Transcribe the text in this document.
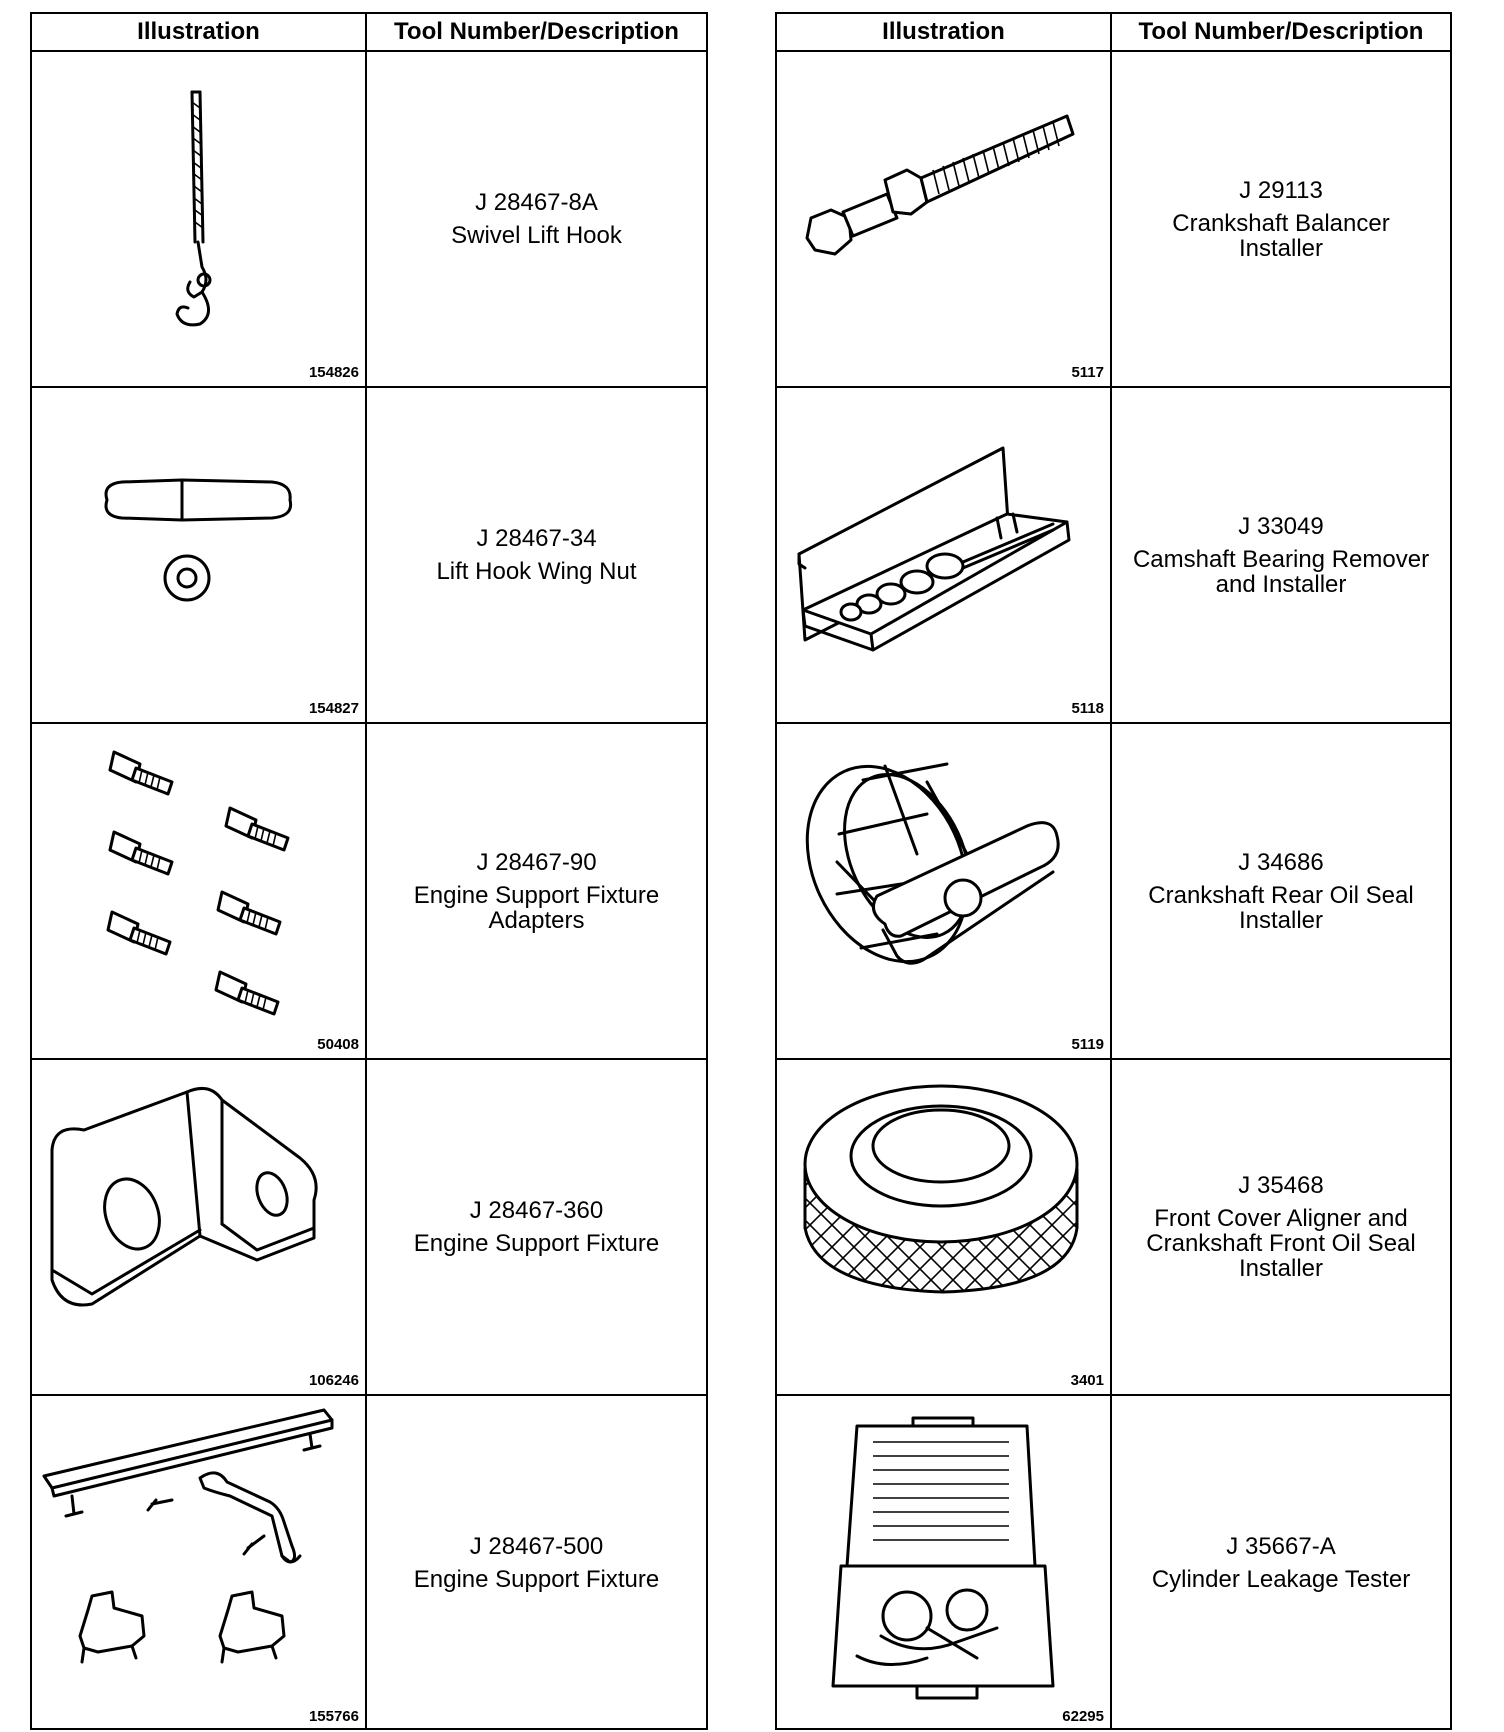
Illustration	Tool Number/Description
154826
J 28467-8A
Swivel Lift Hook
154827
J 28467-34
Lift Hook Wing Nut
50408
J 28467-90
Engine Support Fixture
Adapters
106246
J 28467-360
Engine Support Fixture
155766
J 28467-500
Engine Support Fixture
Illustration	Tool Number/Description
5117
J 29113
Crankshaft Balancer
Installer
5118
J 33049
Camshaft Bearing Remover
and Installer
5119
J 34686
Crankshaft Rear Oil Seal
Installer
3401
J 35468
Front Cover Aligner and
Crankshaft Front Oil Seal
Installer
62295
J 35667-A
Cylinder Leakage Tester
